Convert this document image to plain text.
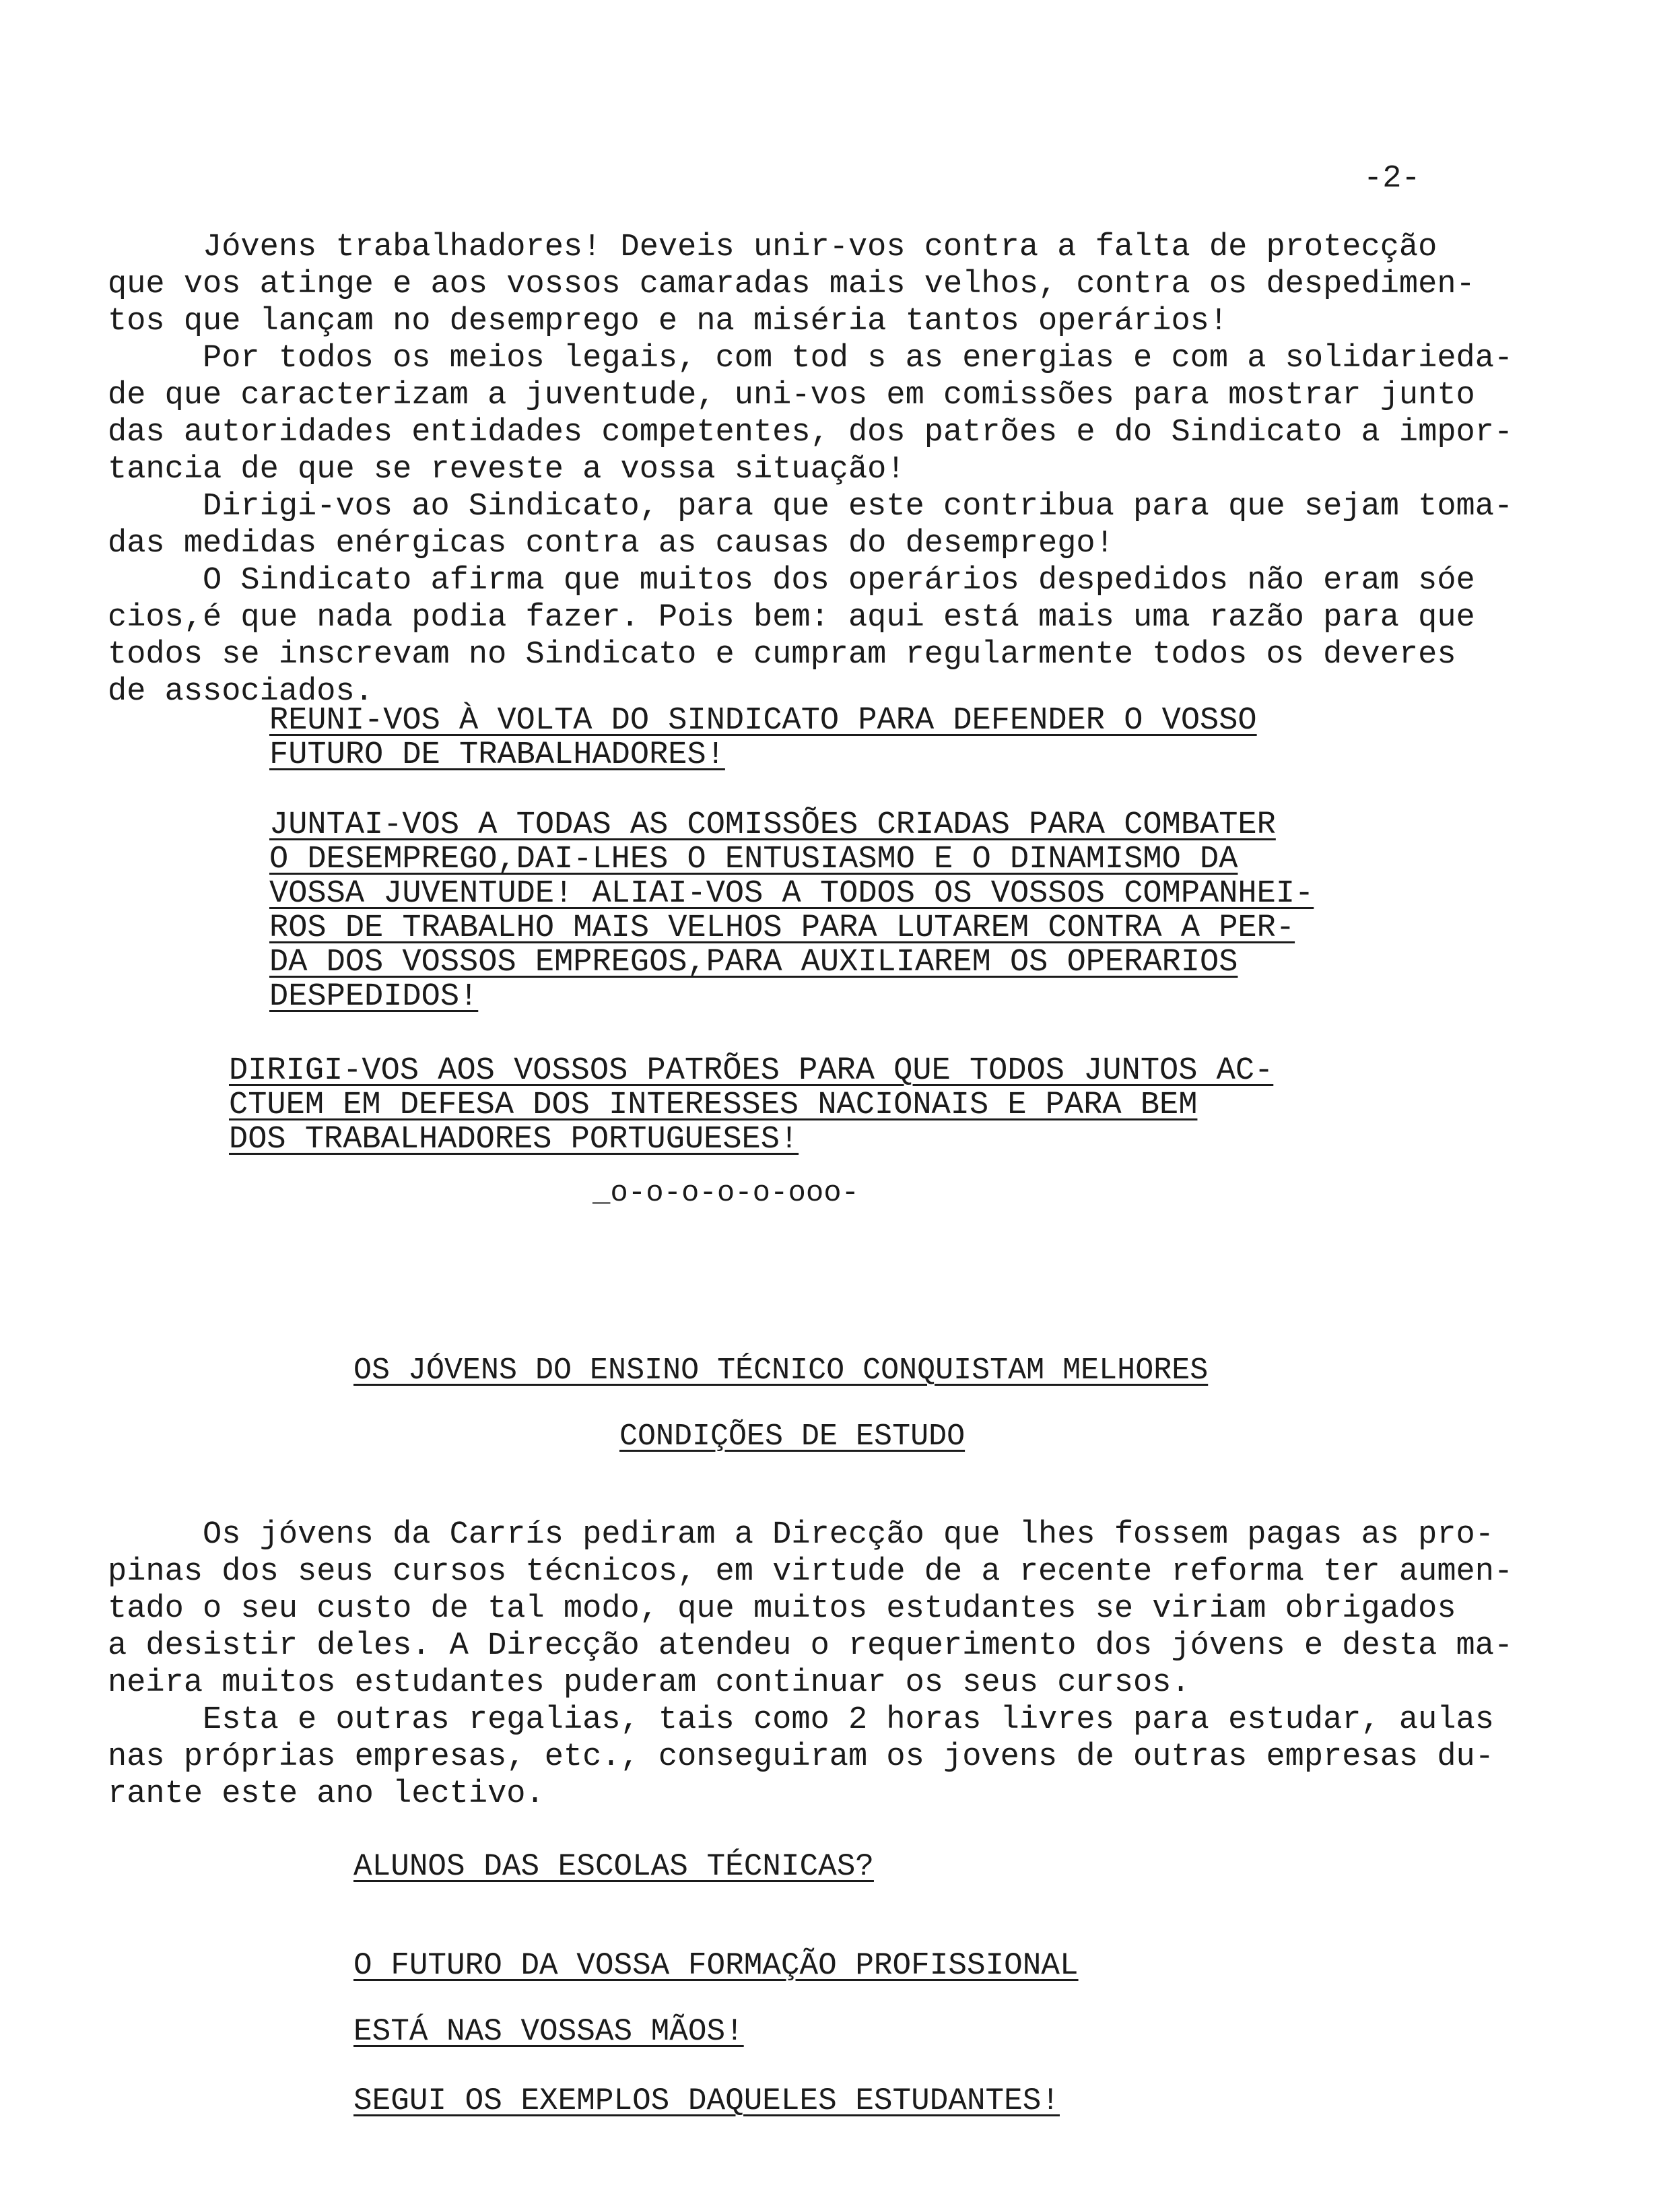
-2-
Jóvens trabalhadores! Deveis unir-vos contra a falta de protecção
que vos atinge e aos vossos camaradas mais velhos, contra os despedimen-
tos que lançam no desemprego e na miséria tantos operários!
Por todos os meios legais, com tod s as energias e com a solidarieda-
de que caracterizam a juventude, uni-vos em comissões para mostrar junto
das autoridades entidades competentes, dos patrões e do Sindicato a impor-
tancia de que se reveste a vossa situação!
Dirigi-vos ao Sindicato, para que este contribua para que sejam toma-
das medidas enérgicas contra as causas do desemprego!
O Sindicato afirma que muitos dos operários despedidos não eram sóe
cios,é que nada podia fazer. Pois bem: aqui está mais uma razão para que
todos se inscrevam no Sindicato e cumpram regularmente todos os deveres
de associados.
REUNI-VOS À VOLTA DO SINDICATO PARA DEFENDER O VOSSO
FUTURO DE TRABALHADORES!
JUNTAI-VOS A TODAS AS COMISSÕES CRIADAS PARA COMBATER
O DESEMPREGO,DAI-LHES O ENTUSIASMO E O DINAMISMO DA
VOSSA JUVENTUDE! ALIAI-VOS A TODOS OS VOSSOS COMPANHEI-
ROS DE TRABALHO MAIS VELHOS PARA LUTAREM CONTRA A PER-
DA DOS VOSSOS EMPREGOS,PARA AUXILIAREM OS OPERARIOS
DESPEDIDOS!
DIRIGI-VOS AOS VOSSOS PATRÕES PARA QUE TODOS JUNTOS AC-
CTUEM EM DEFESA DOS INTERESSES NACIONAIS E PARA BEM
DOS TRABALHADORES PORTUGUESES!
_o-o-o-o-o-ooo-
OS JÓVENS DO ENSINO TÉCNICO CONQUISTAM MELHORES
CONDIÇÕES DE ESTUDO
Os jóvens da Carrís pediram a Direcção que lhes fossem pagas as pro-
pinas dos seus cursos técnicos, em virtude de a recente reforma ter aumen-
tado o seu custo de tal modo, que muitos estudantes se viriam obrigados
a desistir deles. A Direcção atendeu o requerimento dos jóvens e desta ma-
neira muitos estudantes puderam continuar os seus cursos.
Esta e outras regalias, tais como 2 horas livres para estudar, aulas
nas próprias empresas, etc., conseguiram os jovens de outras empresas du-
rante este ano lectivo.
ALUNOS DAS ESCOLAS TÉCNICAS?
O FUTURO DA VOSSA FORMAÇÃO PROFISSIONAL
ESTÁ NAS VOSSAS MÃOS!
SEGUI OS EXEMPLOS DAQUELES ESTUDANTES!
